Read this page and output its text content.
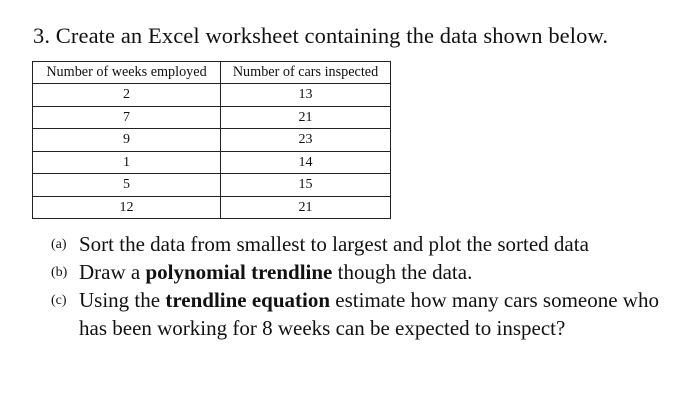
3. Create an Excel worksheet containing the data shown below.
Number of weeks employed	Number of cars inspected
2	13
7	21
9	23
1	14
5	15
12	21
(a) Sort the data from smallest to largest and plot the sorted data
(b) Draw a polynomial trendline though the data.
(c) Using the trendline equation estimate how many cars someone who has been working for 8 weeks can be expected to inspect?
